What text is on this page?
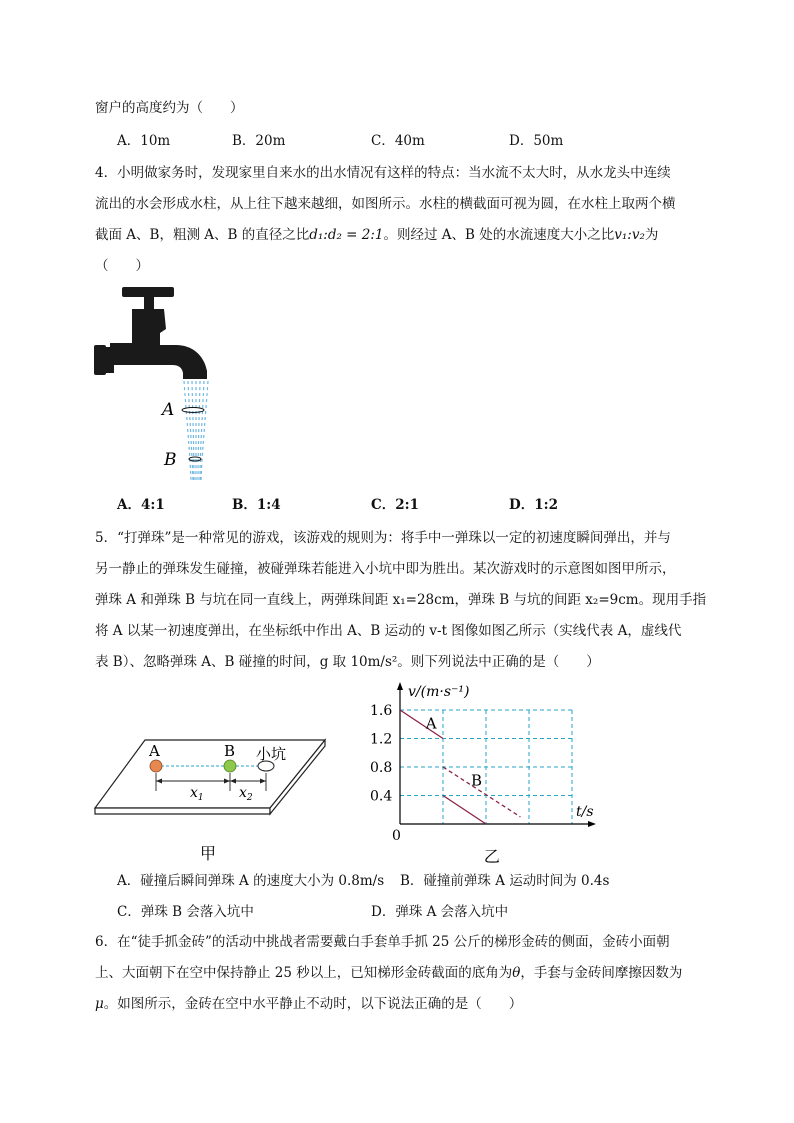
窗户的高度约为（　　）
A．10m	B．20m	C．40m	D．50m
4．小明做家务时，发现家里自来水的出水情况有这样的特点：当水流不太大时，从水龙头中连续
流出的水会形成水柱，从上往下越来越细，如图所示。水柱的横截面可视为圆，在水柱上取两个横
截面 A、B，粗测 A、B 的直径之比d₁:d₂ = 2:1。则经过 A、B 处的水流速度大小之比v₁:v₂为
（　　）
A
B
A．4:1	B．1:4	C．2:1	D．1:2
5．“打弹珠”是一种常见的游戏，该游戏的规则为：将手中一弹珠以一定的初速度瞬间弹出，并与
另一静止的弹珠发生碰撞，被碰弹珠若能进入小坑中即为胜出。某次游戏时的示意图如图甲所示，
弹珠 A 和弹珠 B 与坑在同一直线上，两弹珠间距 x₁=28cm，弹珠 B 与坑的间距 x₂=9cm。现用手指
将 A 以某一初速度弹出，在坐标纸中作出 A、B 运动的 v-t 图像如图乙所示（实线代表 A，虚线代
表 B）、忽略弹珠 A、B 碰撞的时间，g 取 10m/s²。则下列说法中正确的是（　　）
A	B 小坑
$x_1$	$x_2$
甲
1.6
1.2
0.8
0.4
0
v/(m·s⁻¹)
t/s
A
B
乙
A．碰撞后瞬间弹珠 A 的速度大小为 0.8m/s B．碰撞前弹珠 A 运动时间为 0.4s
C．弹珠 B 会落入坑中	D．弹珠 A 会落入坑中
6．在“徒手抓金砖”的活动中挑战者需要戴白手套单手抓 25 公斤的梯形金砖的侧面，金砖小面朝
上、大面朝下在空中保持静止 25 秒以上，已知梯形金砖截面的底角为θ，手套与金砖间摩擦因数为
μ。如图所示，金砖在空中水平静止不动时，以下说法正确的是（　　）
